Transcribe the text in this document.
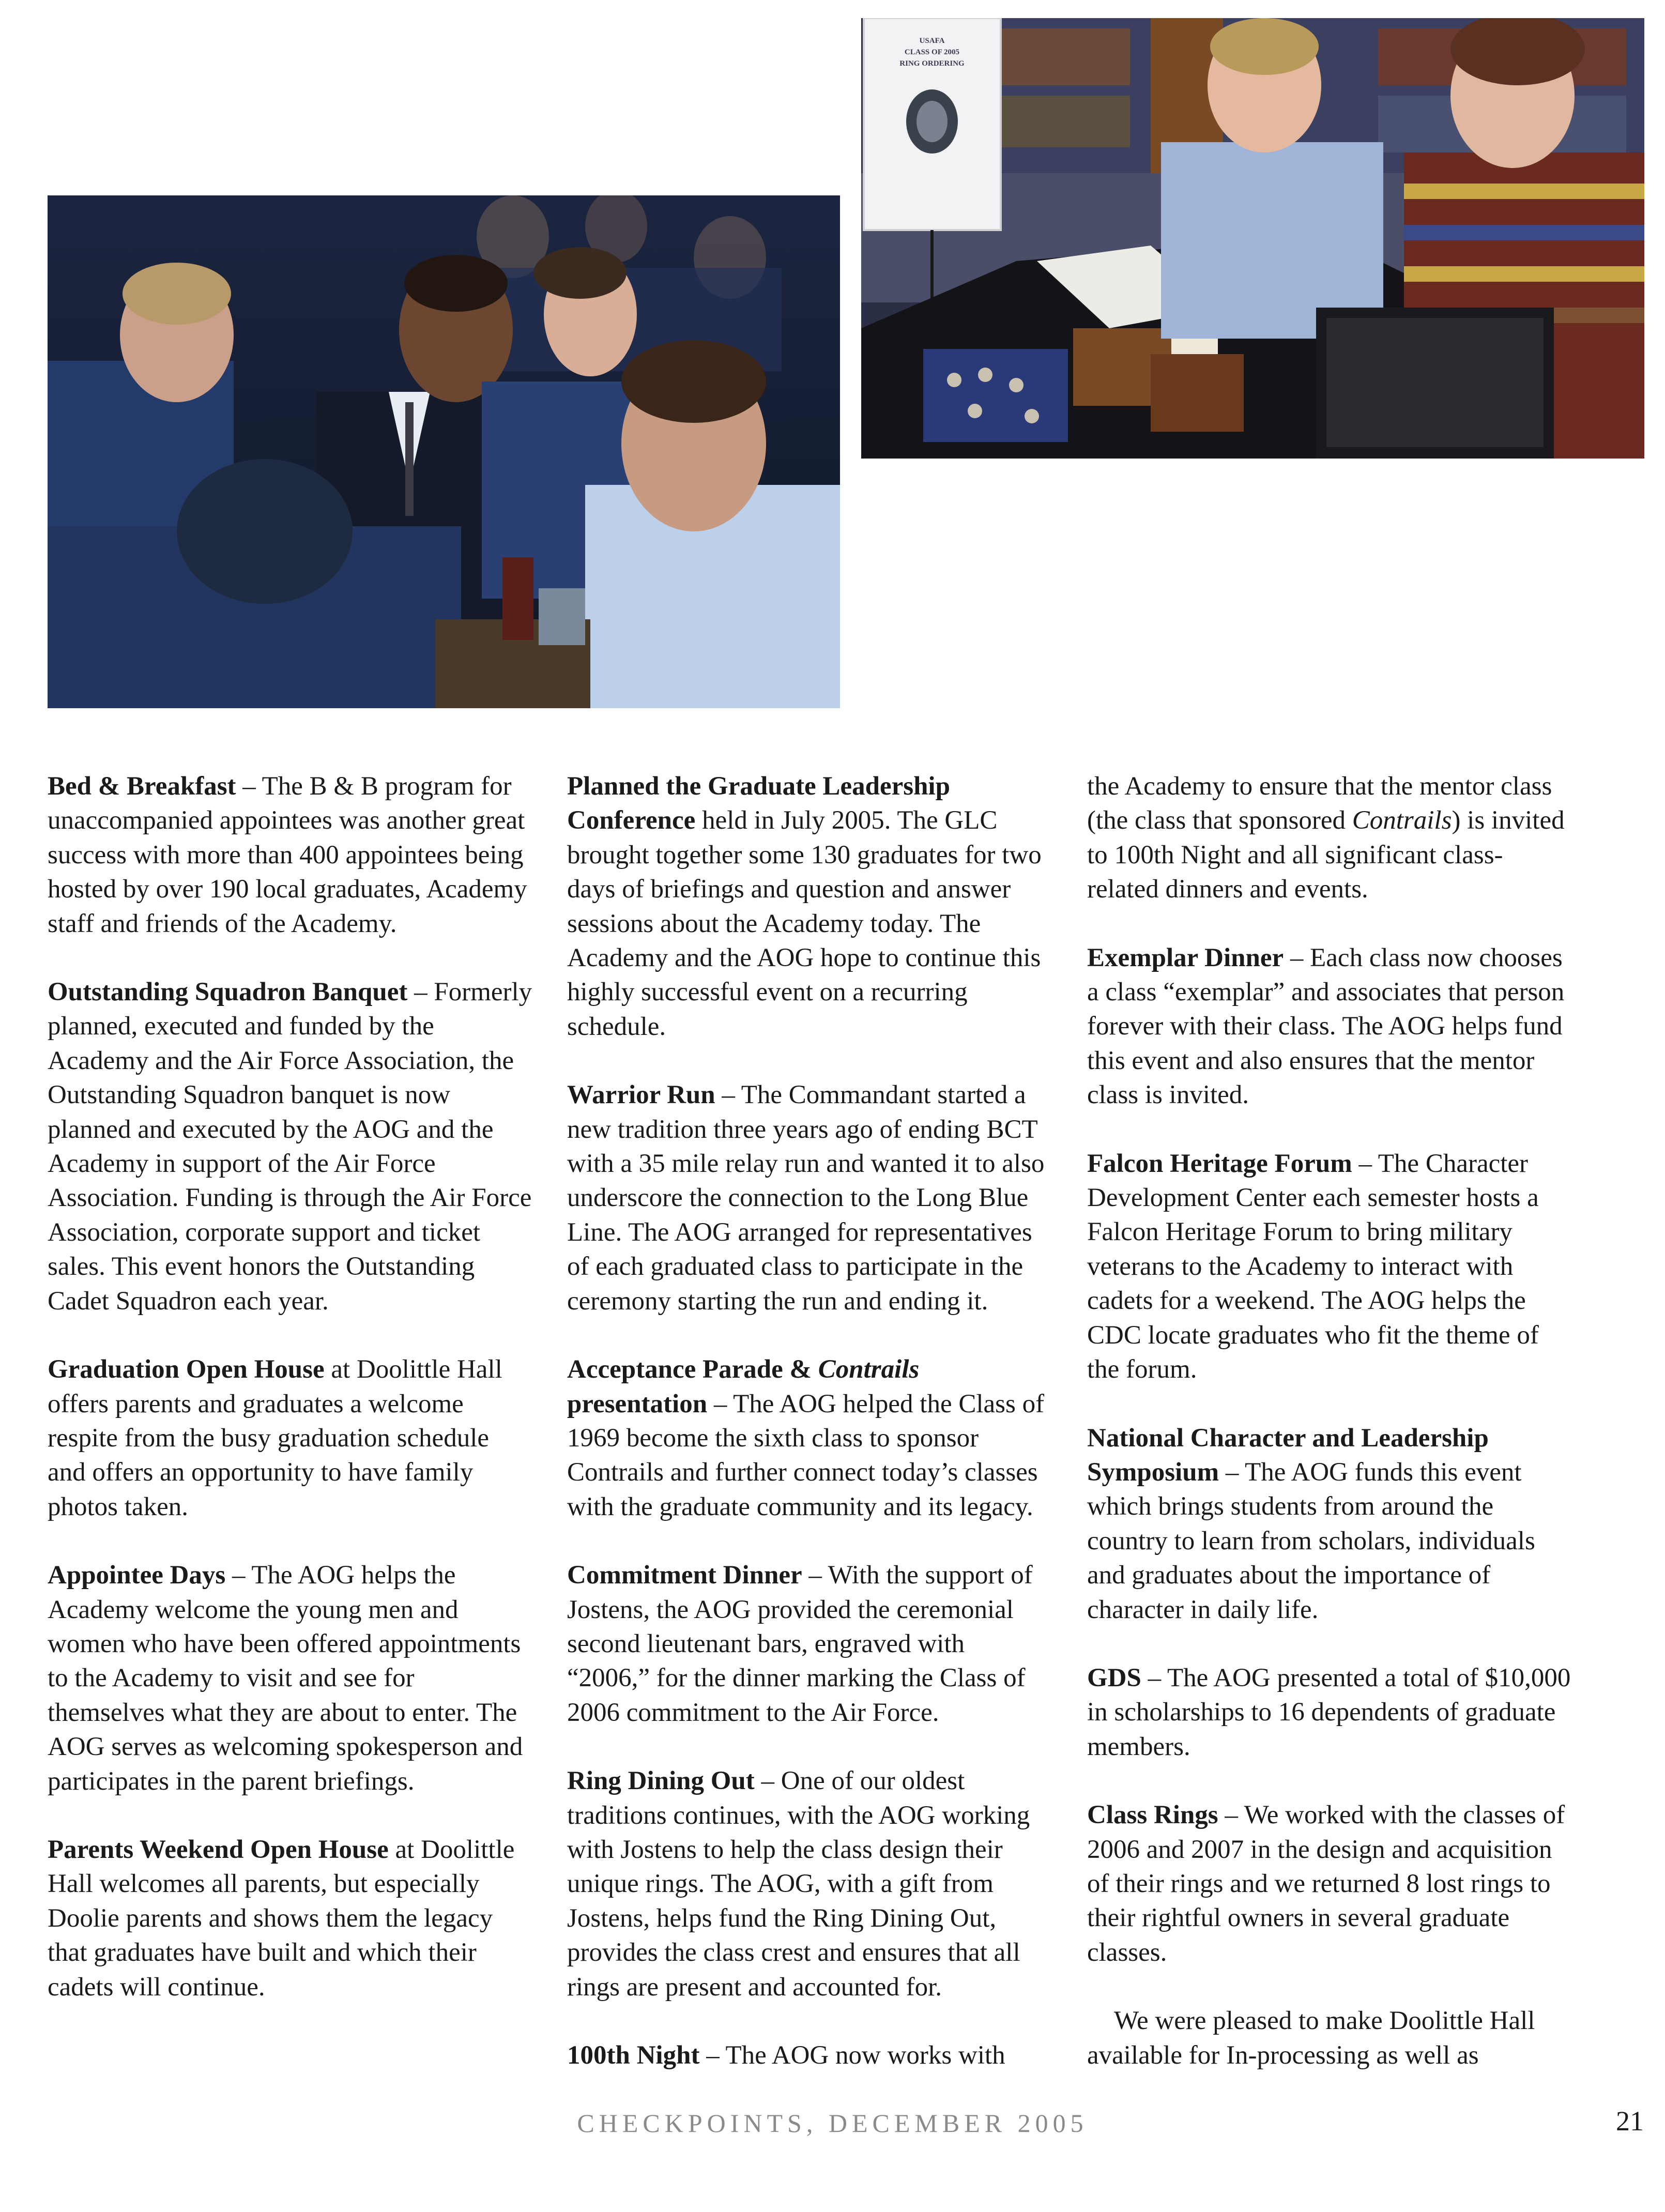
USAFA
CLASS OF 2005
RING ORDERING

Bed & Breakfast – The B & B program for unaccompanied appointees was another great success with more than 400 appointees being hosted by over 190 local graduates, Academy staff and friends of the Academy.

Outstanding Squadron Banquet – Formerly planned, executed and funded by the Academy and the Air Force Association, the Outstanding Squadron banquet is now planned and executed by the AOG and the Academy in support of the Air Force Association. Funding is through the Air Force Association, corporate support and ticket sales. This event honors the Outstanding Cadet Squadron each year.

Graduation Open House at Doolittle Hall offers parents and graduates a welcome respite from the busy graduation schedule and offers an opportunity to have family photos taken.

Appointee Days – The AOG helps the Academy welcome the young men and women who have been offered appointments to the Academy to visit and see for themselves what they are about to enter. The AOG serves as welcoming spokesperson and participates in the parent briefings.

Parents Weekend Open House at Doolittle Hall welcomes all parents, but especially Doolie parents and shows them the legacy that graduates have built and which their cadets will continue.

Planned the Graduate Leadership Conference held in July 2005. The GLC brought together some 130 graduates for two days of briefings and question and answer sessions about the Academy today. The Academy and the AOG hope to continue this highly successful event on a recurring schedule.

Warrior Run – The Commandant started a new tradition three years ago of ending BCT with a 35 mile relay run and wanted it to also underscore the connection to the Long Blue Line. The AOG arranged for representatives of each graduated class to participate in the ceremony starting the run and ending it.

Acceptance Parade & Contrails presentation – The AOG helped the Class of 1969 become the sixth class to sponsor Contrails and further connect today’s classes with the graduate community and its legacy.

Commitment Dinner – With the support of Jostens, the AOG provided the ceremonial second lieutenant bars, engraved with “2006,” for the dinner marking the Class of 2006 commitment to the Air Force.

Ring Dining Out – One of our oldest traditions continues, with the AOG working with Jostens to help the class design their unique rings. The AOG, with a gift from Jostens, helps fund the Ring Dining Out, provides the class crest and ensures that all rings are present and accounted for.

100th Night – The AOG now works with

the Academy to ensure that the mentor class (the class that sponsored Contrails) is invited to 100th Night and all significant class-related dinners and events.

Exemplar Dinner – Each class now chooses a class “exemplar” and associates that person forever with their class. The AOG helps fund this event and also ensures that the mentor class is invited.

Falcon Heritage Forum – The Character Development Center each semester hosts a Falcon Heritage Forum to bring military veterans to the Academy to interact with cadets for a weekend. The AOG helps the CDC locate graduates who fit the theme of the forum.

National Character and Leadership Symposium – The AOG funds this event which brings students from around the country to learn from scholars, individuals and graduates about the importance of character in daily life.

GDS – The AOG presented a total of $10,000 in scholarships to 16 dependents of graduate members.

Class Rings – We worked with the classes of 2006 and 2007 in the design and acquisition of their rings and we returned 8 lost rings to their rightful owners in several graduate classes.

We were pleased to make Doolittle Hall available for In-processing as well as

CHECKPOINTS, DECEMBER 2005	21
